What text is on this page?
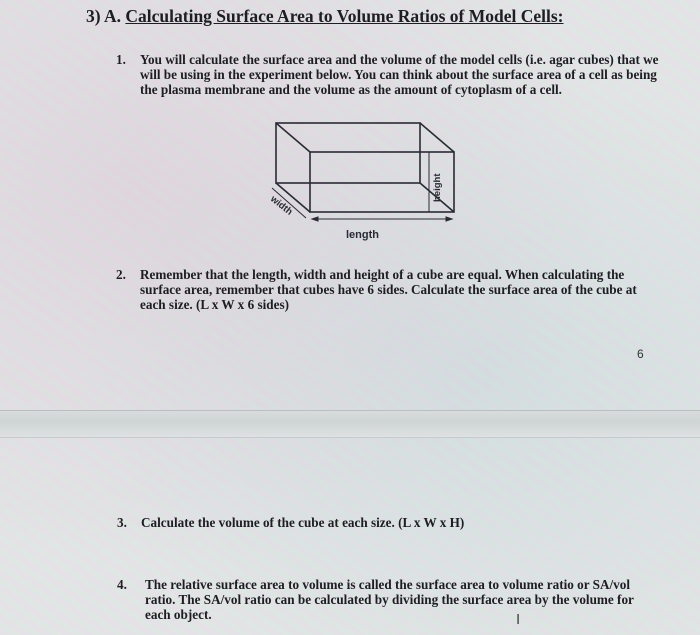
3) A. Calculating Surface Area to Volume Ratios of Model Cells:
1. You will calculate the surface area and the volume of the model cells (i.e. agar cubes) that we will be using in the experiment below. You can think about the surface area of a cell as being the plasma membrane and the volume as the amount of cytoplasm of a cell.
width
length
height
2. Remember that the length, width and height of a cube are equal. When calculating the surface area, remember that cubes have 6 sides. Calculate the surface area of the cube at each size. (L x W x 6 sides)
6
3. Calculate the volume of the cube at each size. (L x W x H)
4. The relative surface area to volume is called the surface area to volume ratio or SA/vol ratio. The SA/vol ratio can be calculated by dividing the surface area by the volume for each object.	I
